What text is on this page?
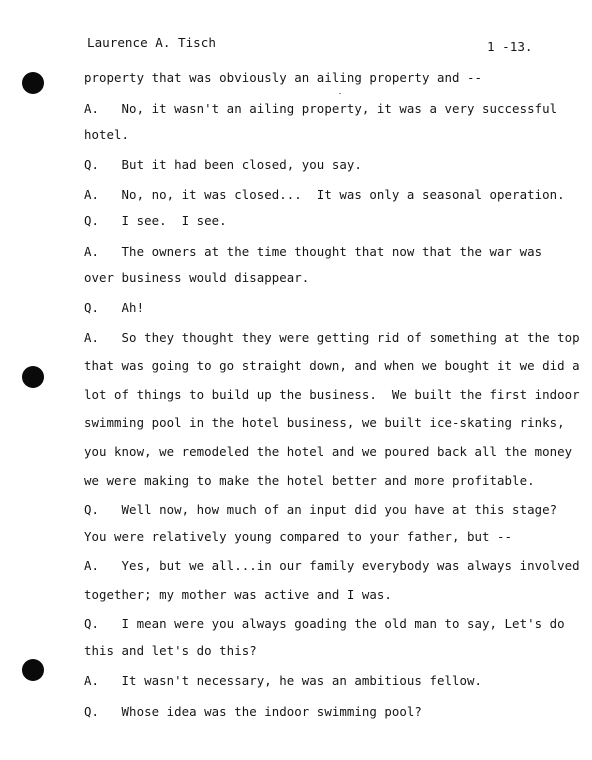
Laurence A. Tisch	1 -13.
property that was obviously an ailing property and --
A.   No, it wasn't an ailing property, it was a very successful
hotel.
Q.   But it had been closed, you say.
A.   No, no, it was closed...  It was only a seasonal operation.
Q.   I see.  I see.
A.   The owners at the time thought that now that the war was
over business would disappear.
Q.   Ah!
A.   So they thought they were getting rid of something at the top
that was going to go straight down, and when we bought it we did a
lot of things to build up the business.  We built the first indoor
swimming pool in the hotel business, we built ice-skating rinks,
you know, we remodeled the hotel and we poured back all the money
we were making to make the hotel better and more profitable.
Q.   Well now, how much of an input did you have at this stage?
You were relatively young compared to your father, but --
A.   Yes, but we all...in our family everybody was always involved
together; my mother was active and I was.
Q.   I mean were you always goading the old man to say, Let's do
this and let's do this?
A.   It wasn't necessary, he was an ambitious fellow.
Q.   Whose idea was the indoor swimming pool?
